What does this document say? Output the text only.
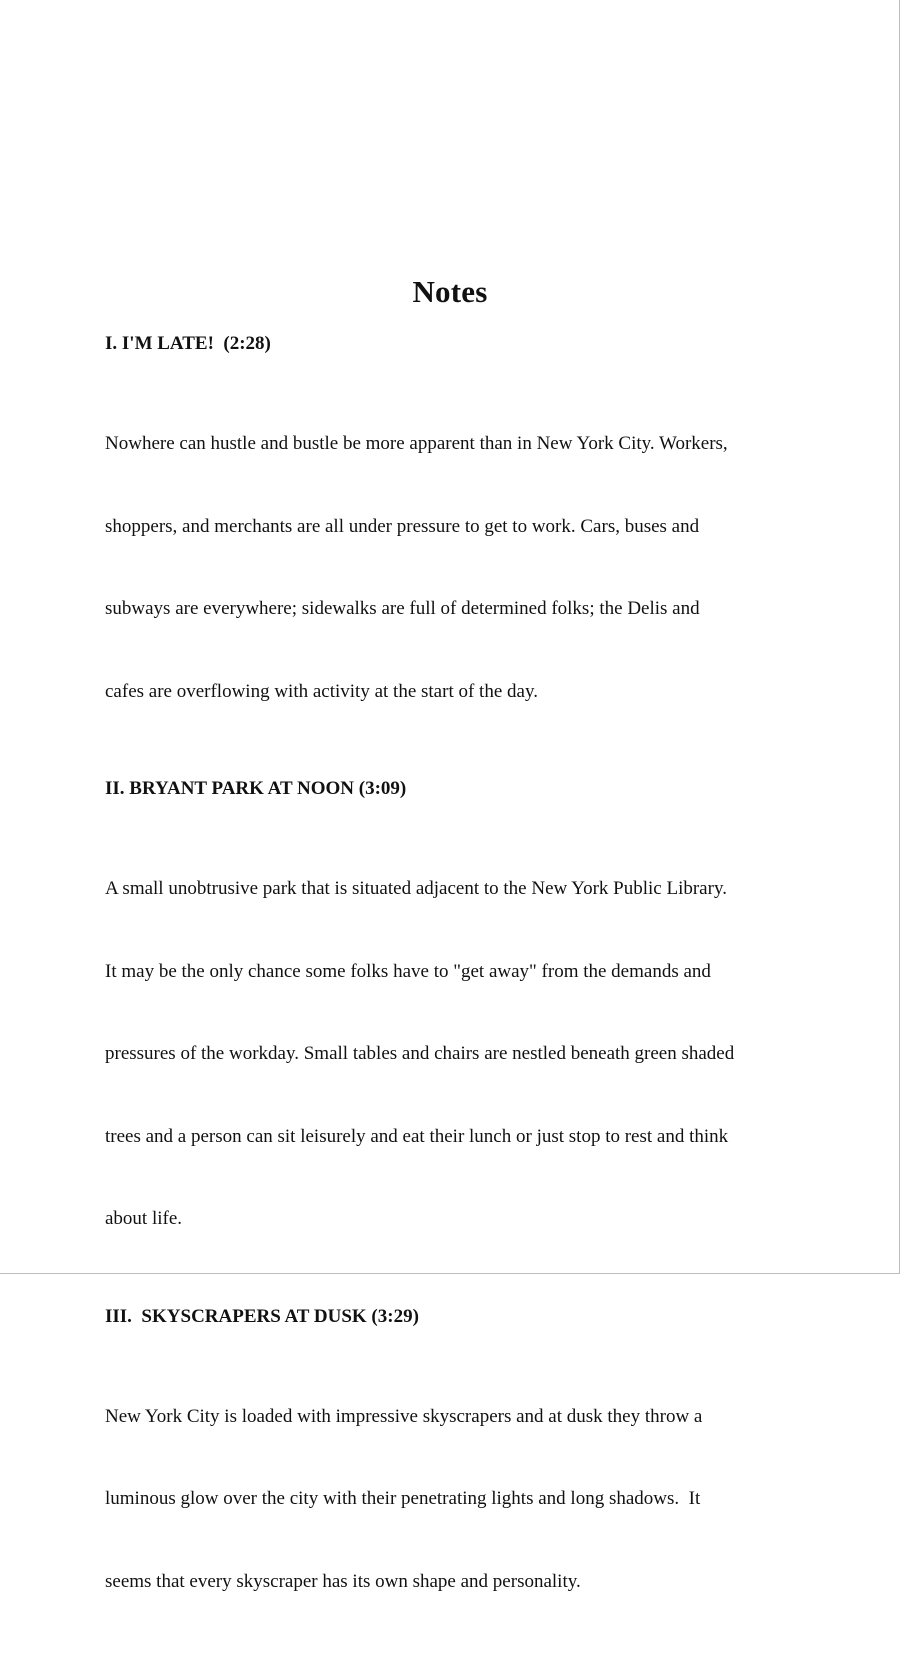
Notes
I. I'M LATE!  (2:28)

Nowhere can hustle and bustle be more apparent than in New York City. Workers,

shoppers, and merchants are all under pressure to get to work. Cars, buses and

subways are everywhere; sidewalks are full of determined folks; the Delis and

cafes are overflowing with activity at the start of the day.

II. BRYANT PARK AT NOON (3:09)

A small unobtrusive park that is situated adjacent to the New York Public Library.

It may be the only chance some folks have to "get away" from the demands and

pressures of the workday. Small tables and chairs are nestled beneath green shaded

trees and a person can sit leisurely and eat their lunch or just stop to rest and think

about life.

III.  SKYSCRAPERS AT DUSK (3:29)

New York City is loaded with impressive skyscrapers and at dusk they throw a

luminous glow over the city with their penetrating lights and long shadows.  It

seems that every skyscraper has its own shape and personality.
